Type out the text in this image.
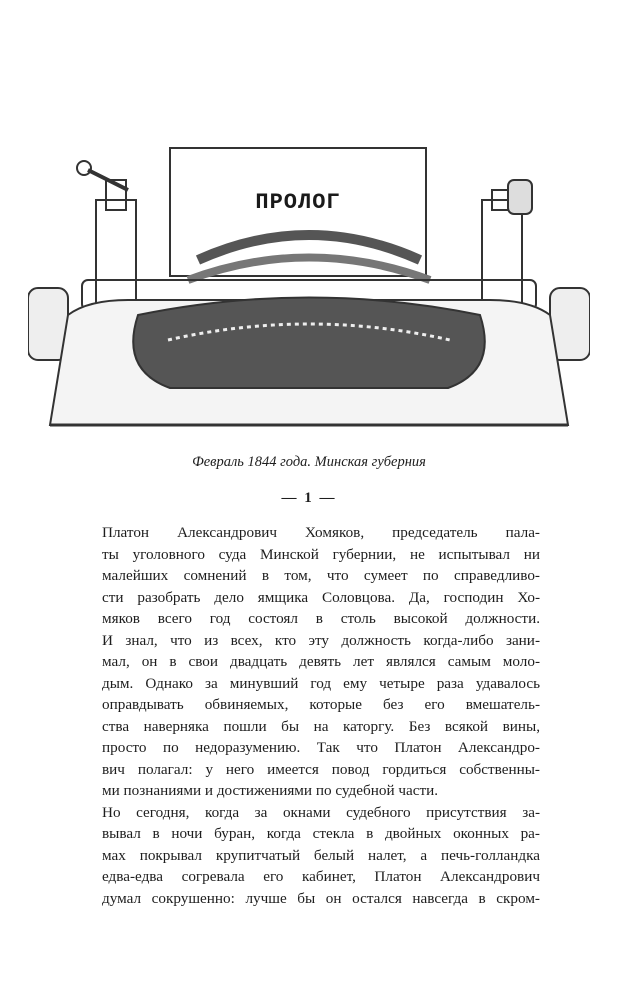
ПРОЛОГ
Февраль 1844 года. Минская губерния
— 1 —

Платон Александрович Хомяков, председатель пала-
ты уголовного суда Минской губернии, не испытывал ни
малейших сомнений в том, что сумеет по справедливо-
сти разобрать дело ямщика Соловцова. Да, господин Хо-
мяков всего год состоял в столь высокой должности.
И знал, что из всех, кто эту должность когда-либо зани-
мал, он в свои двадцать девять лет являлся самым моло-
дым. Однако за минувший год ему четыре раза удавалось
оправдывать обвиняемых, которые без его вмешатель-
ства наверняка пошли бы на каторгу. Без всякой вины,
просто по недоразумению. Так что Платон Александро-
вич полагал: у него имеется повод гордиться собственны-
ми познаниями и достижениями по судебной части.

Но сегодня, когда за окнами судебного присутствия за-
вывал в ночи буран, когда стекла в двойных оконных ра-
мах покрывал крупитчатый белый налет, а печь-голландка
едва-едва согревала его кабинет, Платон Александрович
думал сокрушенно: лучше бы он остался навсегда в скром-
